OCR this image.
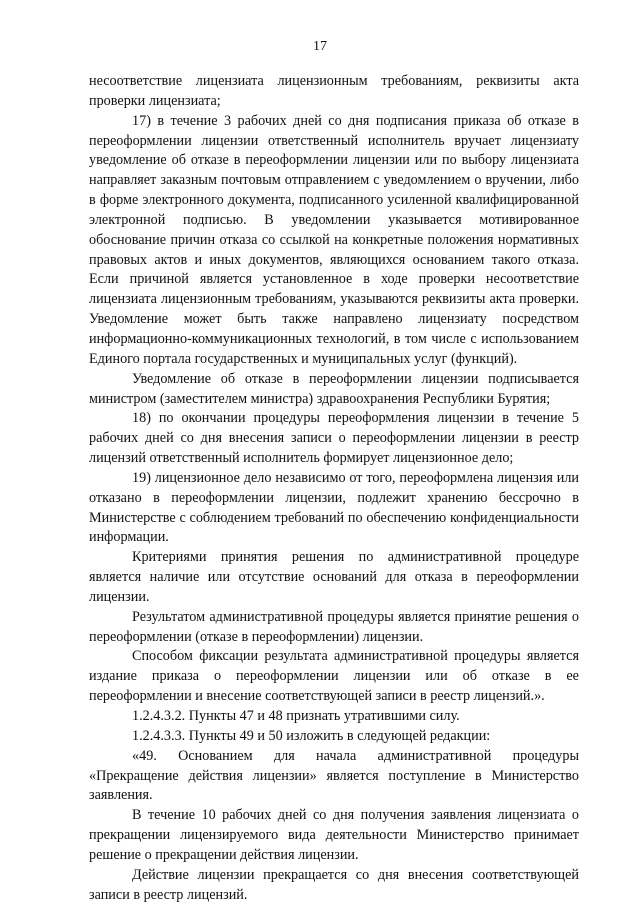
17

несоответствие лицензиата лицензионным требованиям, реквизиты акта проверки лицензиата;

17) в течение 3 рабочих дней со дня подписания приказа об отказе в переоформлении лицензии ответственный исполнитель вручает лицензиату уведомление об отказе в переоформлении лицензии или по выбору лицензиата направляет заказным почтовым отправлением с уведомлением о вручении, либо в форме электронного документа, подписанного усиленной квалифицированной электронной подписью. В уведомлении указывается мотивированное обоснование причин отказа со ссылкой на конкретные положения нормативных правовых актов и иных документов, являющихся основанием такого отказа. Если причиной является установленное в ходе проверки несоответствие лицензиата лицензионным требованиям, указываются реквизиты акта проверки. Уведомление может быть также направлено лицензиату посредством информационно-коммуникационных технологий, в том числе с использованием Единого портала государственных и муниципальных услуг (функций).

Уведомление об отказе в переоформлении лицензии подписывается министром (заместителем министра) здравоохранения Республики Бурятия;

18) по окончании процедуры переоформления лицензии в течение 5 рабочих дней со дня внесения записи о переоформлении лицензии в реестр лицензий ответственный исполнитель формирует лицензионное дело;

19) лицензионное дело независимо от того, переоформлена лицензия или отказано в переоформлении лицензии, подлежит хранению бессрочно в Министерстве с соблюдением требований по обеспечению конфиденциальности информации.

Критериями принятия решения по административной процедуре является наличие или отсутствие оснований для отказа в переоформлении лицензии.

Результатом административной процедуры является принятие решения о переоформлении (отказе в переоформлении) лицензии.

Способом фиксации результата административной процедуры является издание приказа о переоформлении лицензии или об отказе в ее переоформлении и внесение соответствующей записи в реестр лицензий.».

1.2.4.3.2. Пункты 47 и 48 признать утратившими силу.

1.2.4.3.3. Пункты 49 и 50 изложить в следующей редакции:

«49. Основанием для начала административной процедуры «Прекращение действия лицензии» является поступление в Министерство заявления.

В течение 10 рабочих дней со дня получения заявления лицензиата о прекращении лицензируемого вида деятельности Министерство принимает решение о прекращении действия лицензии.

Действие лицензии прекращается со дня внесения соответствующей записи в реестр лицензий.
